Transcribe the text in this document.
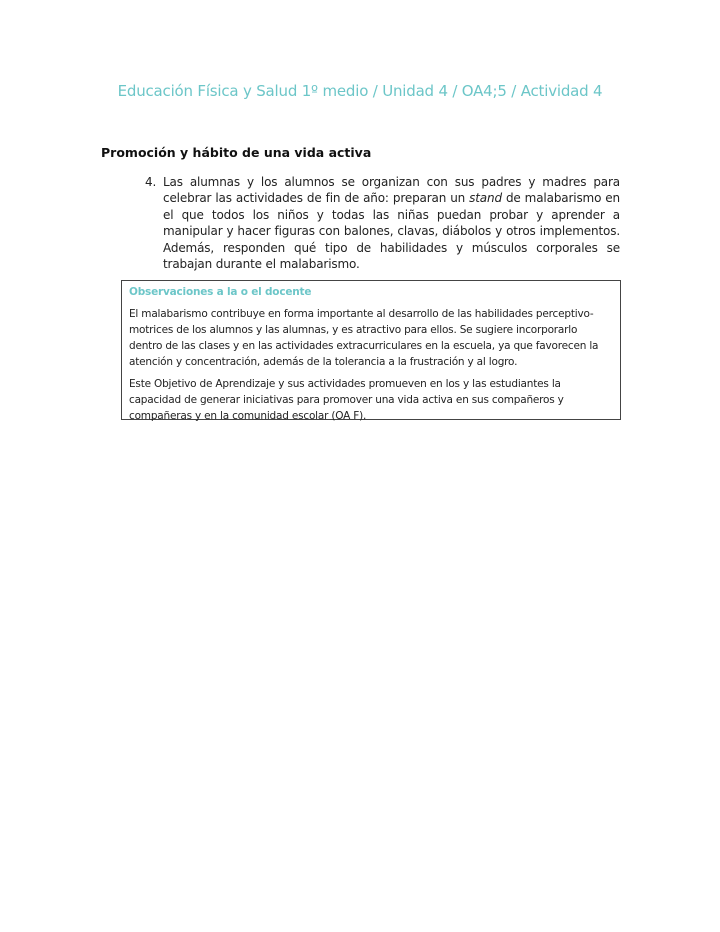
Educación Física y Salud 1º medio / Unidad 4 / OA4;5 / Actividad 4
Promoción y hábito de una vida activa
4. Las alumnas y los alumnos se organizan con sus padres y madres para celebrar las actividades de fin de año: preparan un stand de malabarismo en el que todos los niños y todas las niñas puedan probar y aprender a manipular y hacer figuras con balones, clavas, diábolos y otros implementos. Además, responden qué tipo de habilidades y músculos corporales se trabajan durante el malabarismo.
Observaciones a la o el docente

El malabarismo contribuye en forma importante al desarrollo de las habilidades perceptivo-motrices de los alumnos y las alumnas, y es atractivo para ellos. Se sugiere incorporarlo dentro de las clases y en las actividades extracurriculares en la escuela, ya que favorecen la atención y concentración, además de la tolerancia a la frustración y al logro.

Este Objetivo de Aprendizaje y sus actividades promueven en los y las estudiantes la capacidad de generar iniciativas para promover una vida activa en sus compañeros y compañeras y en la comunidad escolar (OA F).
